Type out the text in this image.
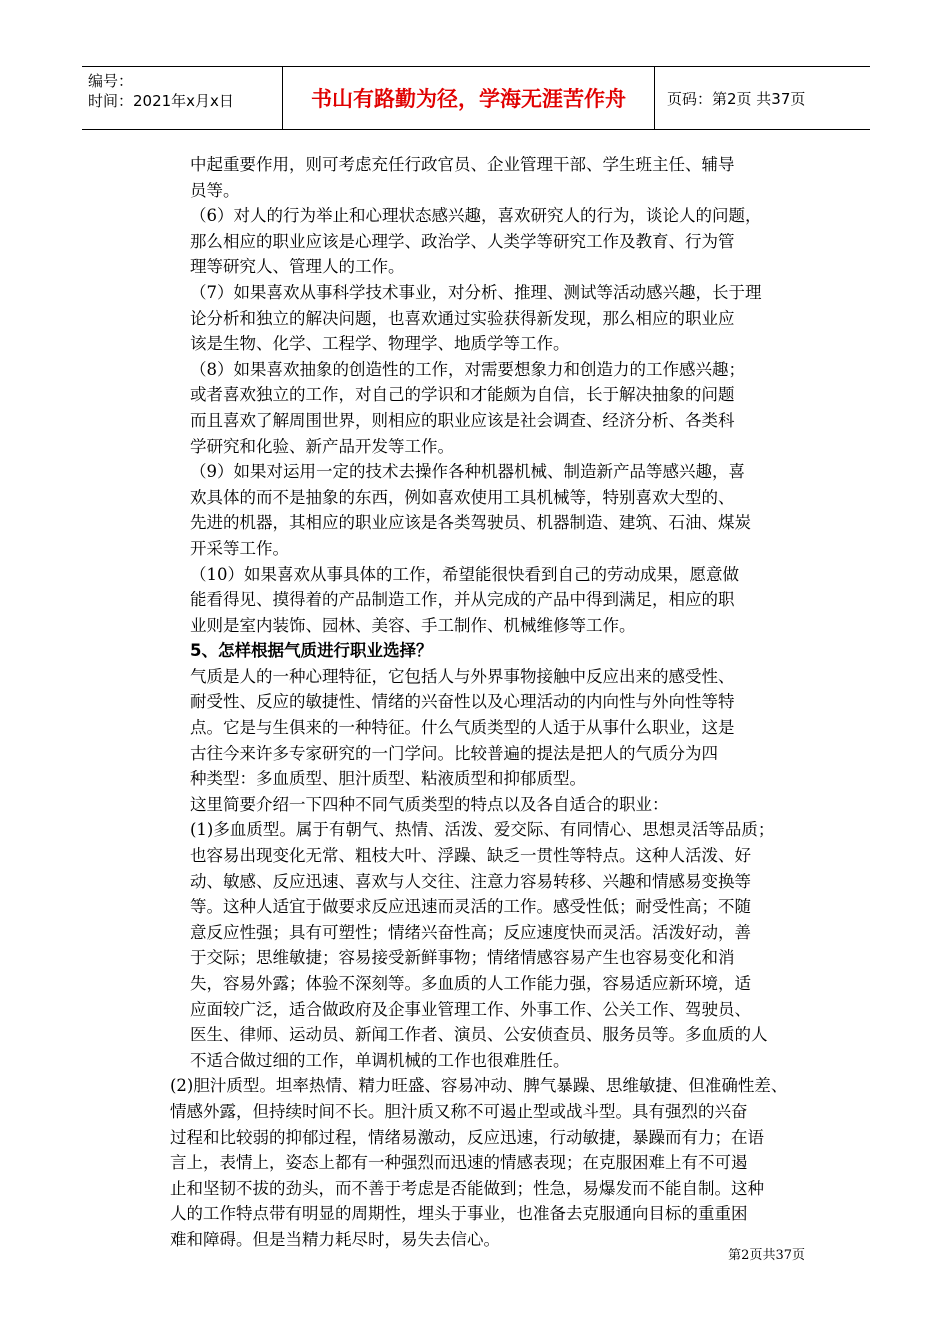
编号：
时间：2021年x月x日	书山有路勤为径，学海无涯苦作舟	页码：第2页 共37页

中起重要作用，则可考虑充任行政官员、企业管理干部、学生班主任、辅导

员等。

（6）对人的行为举止和心理状态感兴趣，喜欢研究人的行为，谈论人的问题，

那么相应的职业应该是心理学、政治学、人类学等研究工作及教育、行为管

理等研究人、管理人的工作。

（7）如果喜欢从事科学技术事业，对分析、推理、测试等活动感兴趣，长于理

论分析和独立的解决问题，也喜欢通过实验获得新发现，那么相应的职业应

该是生物、化学、工程学、物理学、地质学等工作。

（8）如果喜欢抽象的创造性的工作，对需要想象力和创造力的工作感兴趣；

或者喜欢独立的工作，对自己的学识和才能颇为自信，长于解决抽象的问题

而且喜欢了解周围世界，则相应的职业应该是社会调查、经济分析、各类科

学研究和化验、新产品开发等工作。

（9）如果对运用一定的技术去操作各种机器机械、制造新产品等感兴趣，喜

欢具体的而不是抽象的东西，例如喜欢使用工具机械等，特别喜欢大型的、

先进的机器，其相应的职业应该是各类驾驶员、机器制造、建筑、石油、煤炭

开采等工作。

（10）如果喜欢从事具体的工作，希望能很快看到自己的劳动成果，愿意做

能看得见、摸得着的产品制造工作，并从完成的产品中得到满足，相应的职

业则是室内装饰、园林、美容、手工制作、机械维修等工作。

5、怎样根据气质进行职业选择？

气质是人的一种心理特征，它包括人与外界事物接触中反应出来的感受性、

耐受性、反应的敏捷性、情绪的兴奋性以及心理活动的内向性与外向性等特

点。它是与生俱来的一种特征。什么气质类型的人适于从事什么职业，这是

古往今来许多专家研究的一门学问。比较普遍的提法是把人的气质分为四

种类型：多血质型、胆汁质型、粘液质型和抑郁质型。

这里简要介绍一下四种不同气质类型的特点以及各自适合的职业：

(1)多血质型。属于有朝气、热情、活泼、爱交际、有同情心、思想灵活等品质；

也容易出现变化无常、粗枝大叶、浮躁、缺乏一贯性等特点。这种人活泼、好

动、敏感、反应迅速、喜欢与人交往、注意力容易转移、兴趣和情感易变换等

等。这种人适宜于做要求反应迅速而灵活的工作。感受性低；耐受性高；不随

意反应性强；具有可塑性；情绪兴奋性高；反应速度快而灵活。活泼好动，善

于交际；思维敏捷；容易接受新鲜事物；情绪情感容易产生也容易变化和消

失，容易外露；体验不深刻等。多血质的人工作能力强，容易适应新环境，适

应面较广泛，适合做政府及企事业管理工作、外事工作、公关工作、驾驶员、

医生、律师、运动员、新闻工作者、演员、公安侦查员、服务员等。多血质的人

不适合做过细的工作，单调机械的工作也很难胜任。

(2)胆汁质型。坦率热情、精力旺盛、容易冲动、脾气暴躁、思维敏捷、但准确性差、

情感外露，但持续时间不长。胆汁质又称不可遏止型或战斗型。具有强烈的兴奋

过程和比较弱的抑郁过程，情绪易激动，反应迅速，行动敏捷，暴躁而有力；在语

言上，表情上，姿态上都有一种强烈而迅速的情感表现；在克服困难上有不可遏

止和坚韧不拔的劲头，而不善于考虑是否能做到；性急，易爆发而不能自制。这种

人的工作特点带有明显的周期性，埋头于事业，也准备去克服通向目标的重重困

难和障碍。但是当精力耗尽时，易失去信心。

第2页共37页
